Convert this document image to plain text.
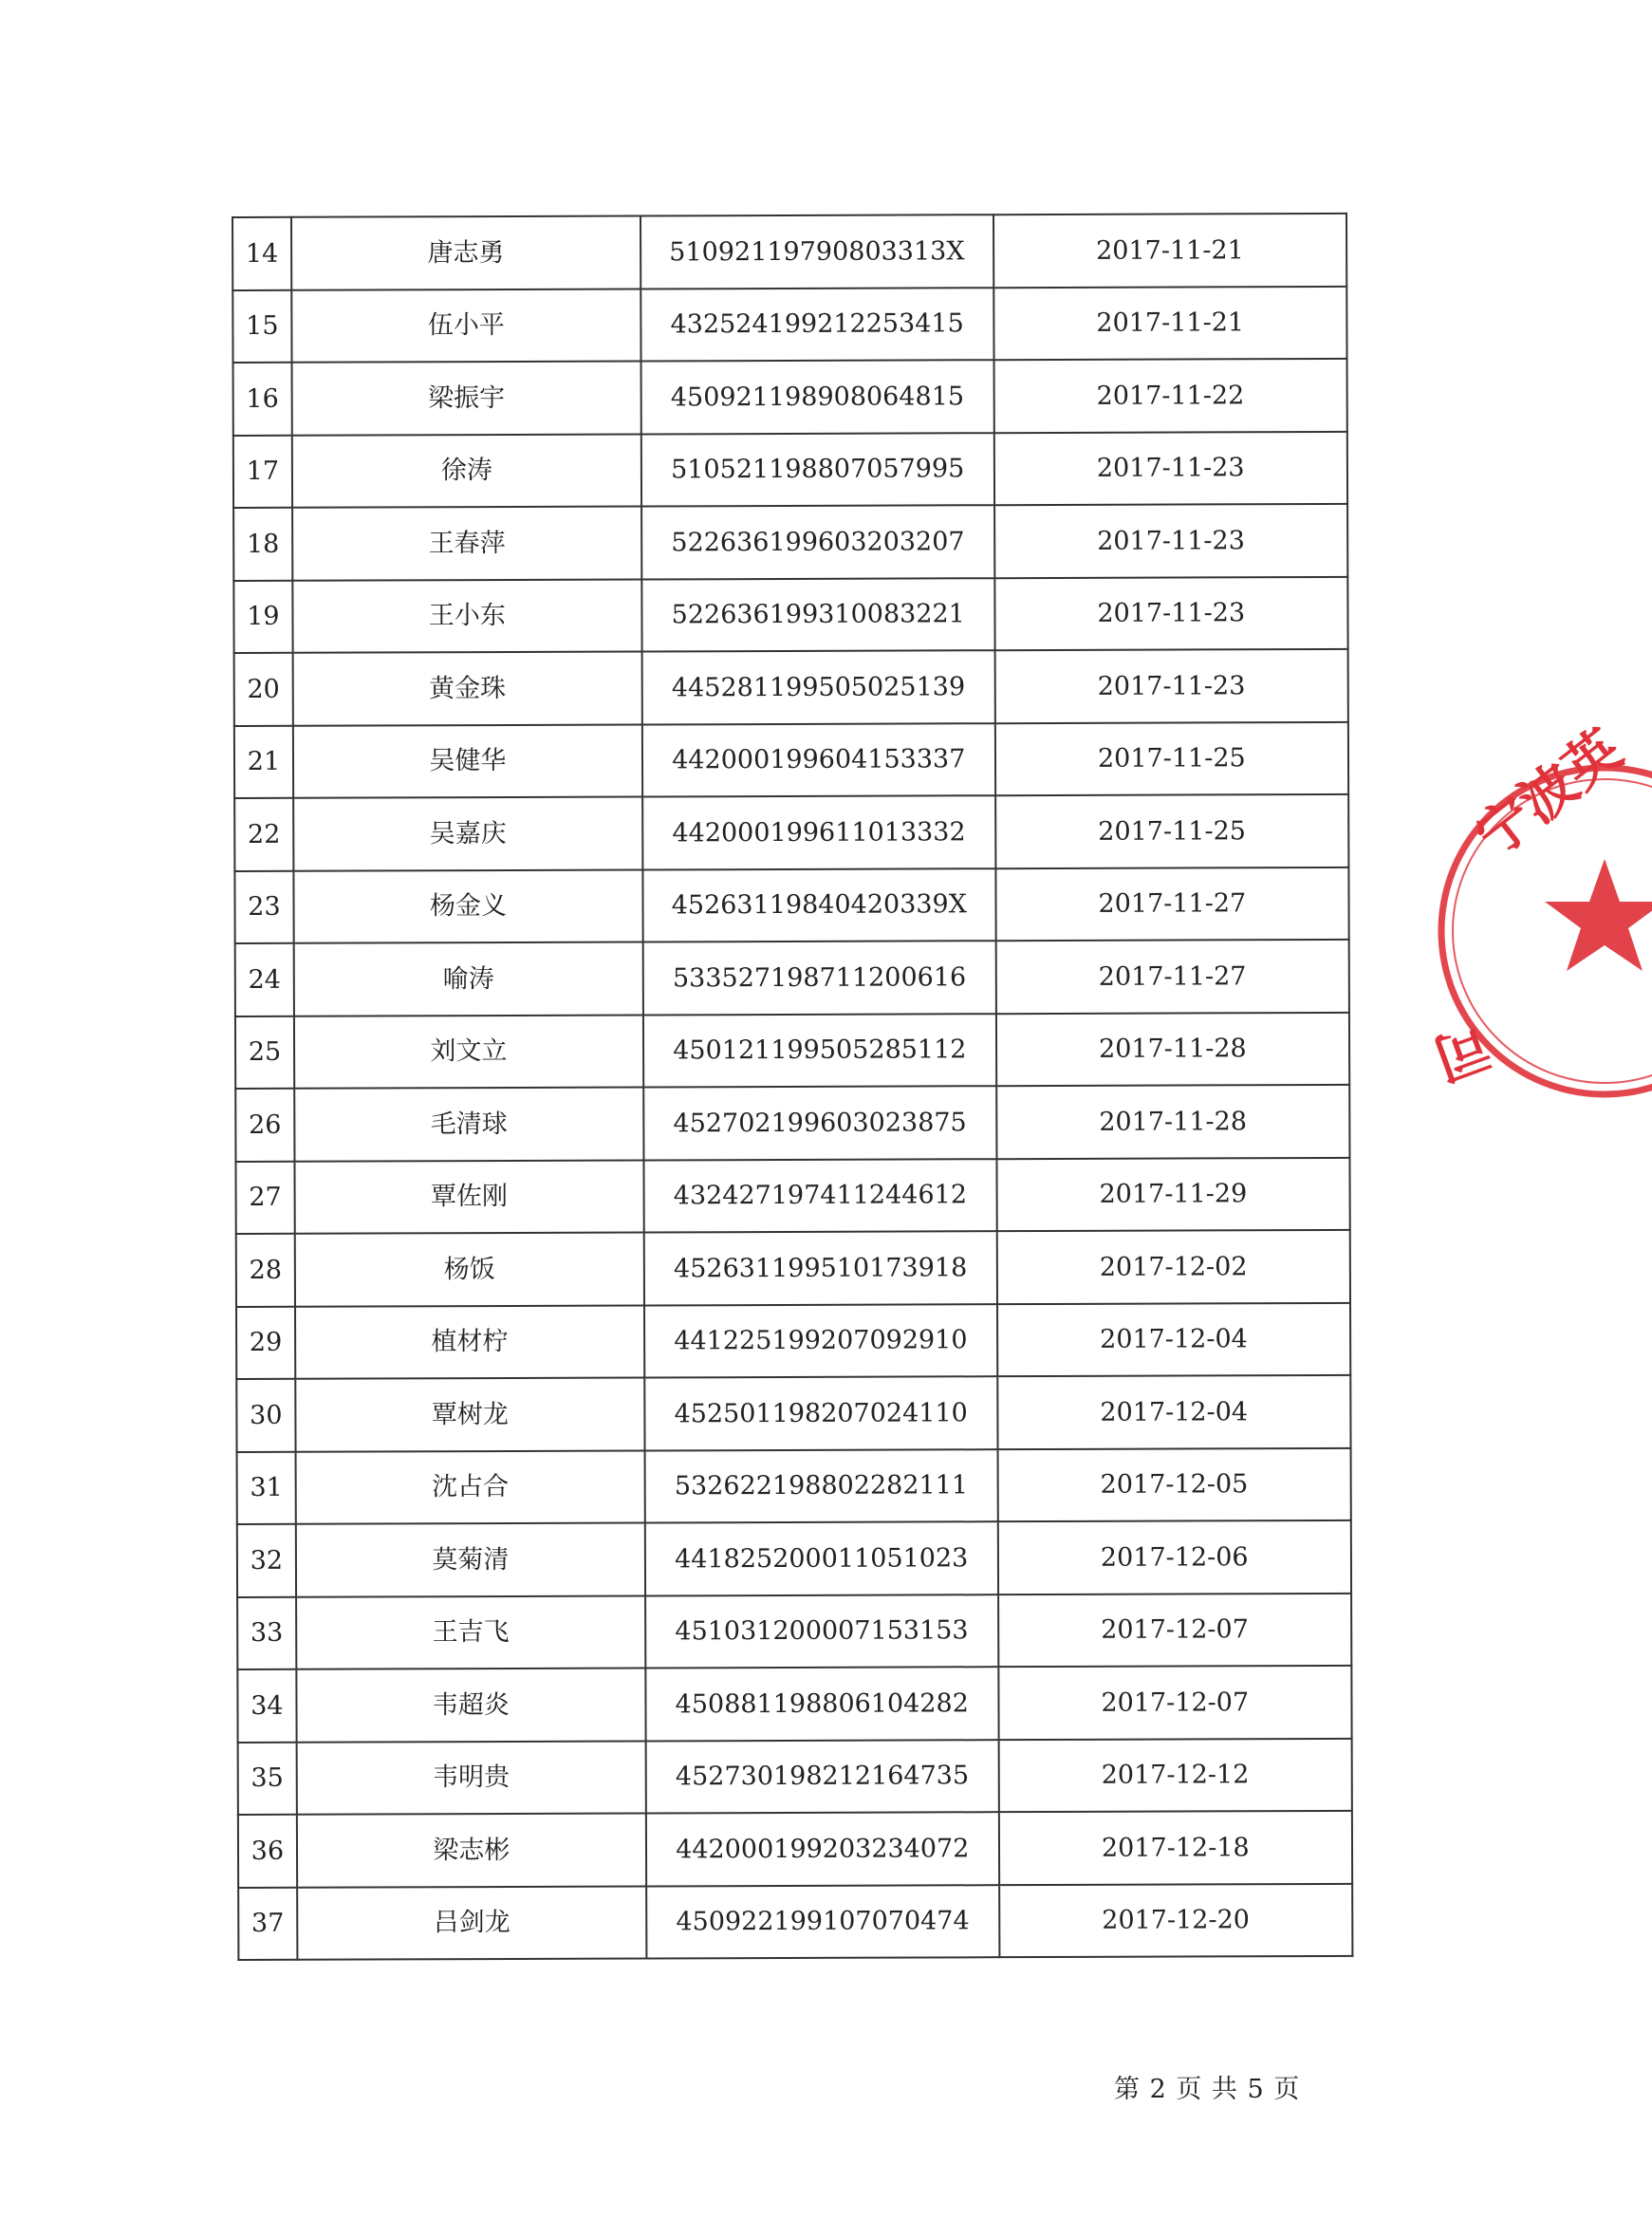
14	唐志勇	51092119790803313X	2017-11-21
15	伍小平	432524199212253415	2017-11-21
16	梁振宇	450921198908064815	2017-11-22
17	徐涛	510521198807057995	2017-11-23
18	王春萍	522636199603203207	2017-11-23
19	王小东	522636199310083221	2017-11-23
20	黄金珠	445281199505025139	2017-11-23
21	吴健华	442000199604153337	2017-11-25
22	吴嘉庆	442000199611013332	2017-11-25
23	杨金义	45263119840420339X	2017-11-27
24	喻涛	533527198711200616	2017-11-27
25	刘文立	450121199505285112	2017-11-28
26	毛清球	452702199603023875	2017-11-28
27	覃佐刚	432427197411244612	2017-11-29
28	杨饭	452631199510173918	2017-12-02
29	植材柠	441225199207092910	2017-12-04
30	覃树龙	452501198207024110	2017-12-04
31	沈占合	532622198802282111	2017-12-05
32	莫菊清	441825200011051023	2017-12-06
33	王吉飞	451031200007153153	2017-12-07
34	韦超炎	450881198806104282	2017-12-07
35	韦明贵	452730198212164735	2017-12-12
36	梁志彬	442000199203234072	2017-12-18
37	吕剑龙	450922199107070474	2017-12-20
宁波英
司
第 2 页 共 5 页
